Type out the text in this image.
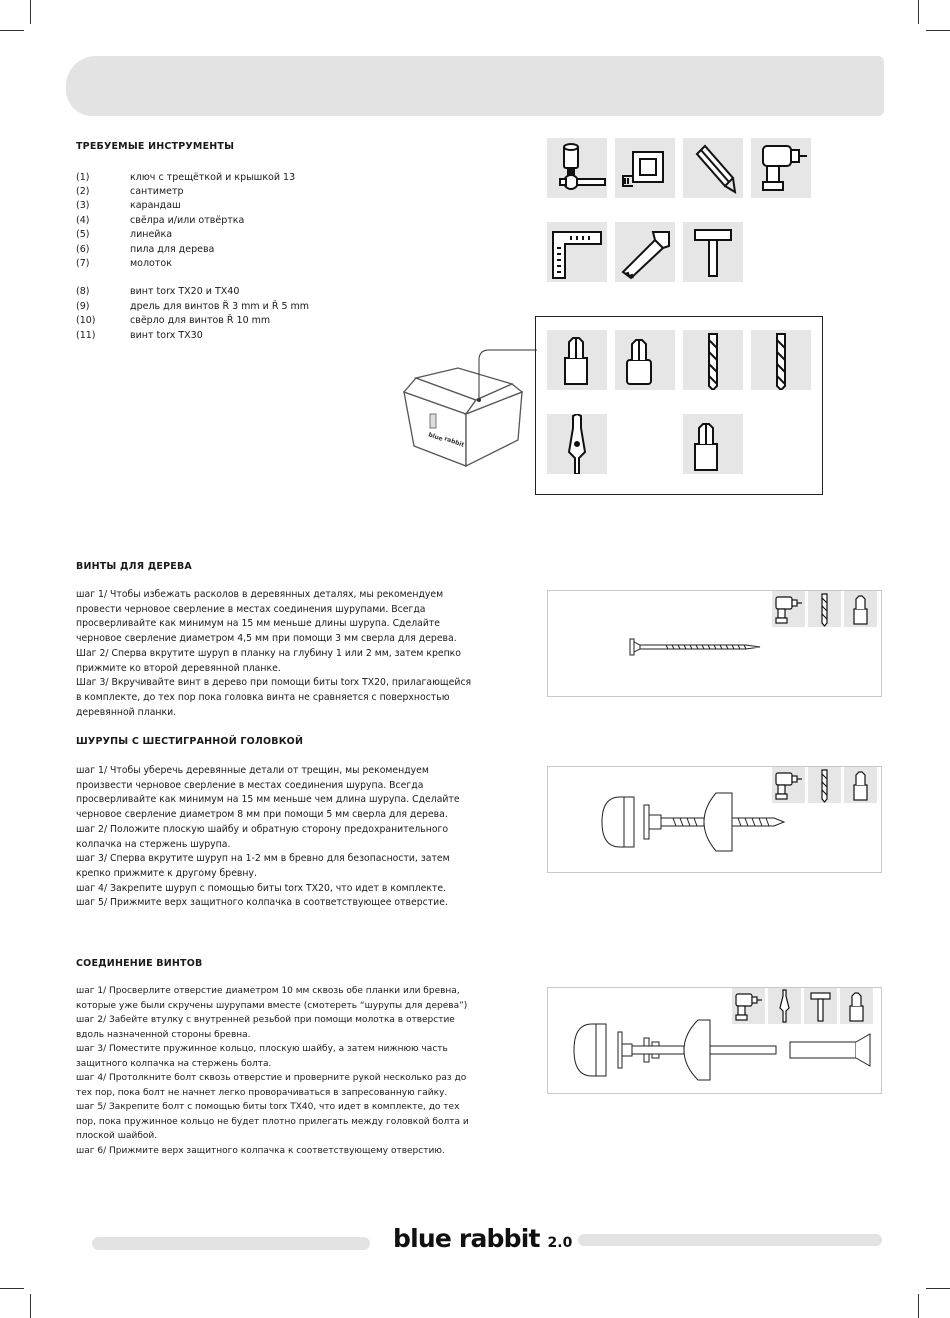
ТРЕБУЕМЫЕ ИНСТРУМЕНТЫ
(1)	ключ с трещёткой и крышкой 13
(2)	сантиметр
(3)	карандаш
(4)	свёлра и/или отвёртка
(5)	линейка
(6)	пила для дерева
(7)	молоток
(8)	винт torx TX20 и TX40
(9)	дрель для винтов Ř 3 mm и Ř 5 mm
(10)	свёрло для винтов Ř 10 mm
(11)	винт torx TX30
blue rabbit
ВИНТЫ ДЛЯ ДЕРЕВА

шаг 1/ Чтобы избежать расколов в деревянных деталях, мы рекомендуем провести черновое сверление в местах соединения шурупами. Всегда просверливайте как минимум на 15 мм меньше длины шурупа. Сделайте черновое сверление диаметром 4,5 мм при помощи 3 мм сверла для дерева.

Шаг 2/ Сперва вкрутите шуруп в планку на глубину 1 или 2 мм, затем крепко прижмите ко второй деревянной планке.

Шаг 3/ Вкручивайте винт в дерево при помощи биты torx TX20, прилагающейся в комплекте, до тех пор пока головка винта не сравняется с поверхностью деревянной планки.

ШУРУПЫ С ШЕСТИГРАННОЙ ГОЛОВКОЙ

шаг 1/ Чтобы уберечь деревянные детали от трещин, мы рекомендуем произвести черновое сверление в местах соединения шурупа. Всегда просверливайте как минимум на 15 мм меньше чем длина шурупа. Сделайте черновое сверление диаметром 8 мм при помощи 5 мм сверла для дерева.

шаг 2/ Положите плоскую шайбу и обратную сторону предохранительного колпачка на стержень шурупа.

шаг 3/ Сперва вкрутите шуруп на 1-2 мм в бревно для безопасности, затем крепко прижмите к другому бревну.

шаг 4/ Закрепите шуруп с помощью биты torx TX20, что идет в комплекте.

шаг 5/ Прижмите верх защитного колпачка в соответствующее отверстие.

СОЕДИНЕНИЕ ВИНТОВ

шаг 1/ Просверлите отверстие диаметром 10 мм сквозь обе планки или бревна, которые уже были скручены шурупами вместе (смотереть “шурупы для дерева”)

шаг 2/ Забейте втулку с внутренней резьбой при помощи молотка в отверстие вдоль назначенной стороны бревна.

шаг 3/ Поместите пружинное кольцо, плоскую шайбу, а затем нижнюю часть защитного колпачка на стержень болта.

шаг 4/ Протолкните болт сквозь отверстие и проверните рукой несколько раз до тех пор, пока болт не начнет легко проворачиваться в запресованную гайку.

шаг 5/ Закрепите болт с помощью биты torx TX40, что идет в комплекте, до тех пор, пока пружинное кольцо не будет плотно прилегать между головкой болта и плоской шайбой.

шаг 6/ Прижмите верх защитного колпачка к соответствующему отверстию.

blue rabbit 2.0
